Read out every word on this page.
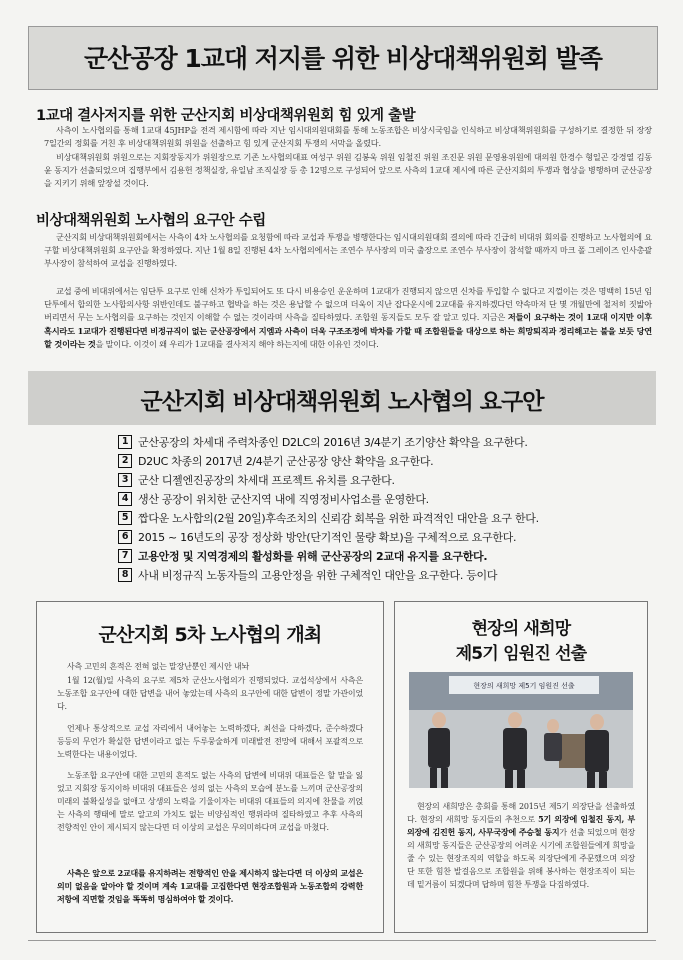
군산공장 1교대 저지를 위한 비상대책위원회 발족
1교대 결사저지를 위한 군산지회 비상대책위원회 힘 있게 출발

사측이 노사협의를 통해 1교대 45JHP을 전격 제시함에 따라 지난 임시대의원대회를 통해 노동조합은 비상시국임을 인식하고 비상대책위원회를 구성하기로 결정한 뒤 장장 7일간의 정회를 거친 후 비상대책위원회 위원을 선출하고 힘 있게 군산지회 투쟁의 서막을 올렸다.

비상대책위원회 위원으로는 지회장동지가 위원장으로 기존 노사협의대표 여성구 위원 김봉욱 위원 임철진 위원 조진문 위원 문영용위원에 대의원 한경수 형일곤 강경열 김동윤 동지가 선출되었으며 집행부에서 김용헌 정책실장, 유일남 조직실장 등 총 12명으로 구성되어 앞으로 사측의 1교대 제시에 따른 군산지회의 투쟁과 협상을 병행하며 군산공장을 지키기 위해 앞장설 것이다.

비상대책위원회 노사협의 요구안 수립

군산지회 비상대책위원회에서는 사측이 4차 노사협의를 요청함에 따라 교섭과 투쟁을 병행한다는 임시대의원대회 결의에 따라 긴급히 비대위 회의를 진행하고 노사협의에 요구할 비상대책위원회 요구안을 확정하였다. 지난 1월 8일 진행된 4차 노사협의에서는 조연수 부사장의 미국 출장으로 조연수 부사장이 참석할 때까지 마크 폴 그레이즈 인사총괄 부사장이 참석하여 교섭을 진행하였다.

교섭 중에 비대위에서는 임단투 요구로 인해 신차가 투입되어도 또 다시 비용승인 운운하며 1교대가 진행되지 않으면 신차를 투입할 수 없다고 지껄이는 것은 명백히 15년 임단투에서 합의한 노사합의사항 위반인데도 불구하고 협박을 하는 것은 용납할 수 없으며 더욱이 지난 잡다운시에 2교대를 유지하겠다던 약속마저 단 몇 개월만에 철저히 짓밟아 버리면서 무는 노사협의를 요구하는 것인지 이해할 수 없는 것이라며 사측을 질타하였다. 조합원 동지들도 모두 잘 알고 있다. 지금은 저들이 요구하는 것이 1교대 이지만 이후 혹시라도 1교대가 진행된다면 비정규직이 없는 군산공장에서 지엠과 사측이 더욱 구조조정에 박차를 가할 때 조합원들을 대상으로 하는 희망퇴직과 정리해고는 불을 보듯 당연 할 것이라는 것을 말이다. 이것이 왜 우리가 1교대를 결사저지 해야 하는지에 대한 이유인 것이다.

군산지회 비상대책위원회 노사협의 요구안
1 군산공장의 차세대 주력차종인 D2LC의 2016년 3/4분기 조기양산 확약을 요구한다.
2 D2UC 차종의 2017년 2/4분기 군산공장 양산 확약을 요구한다.
3 군산 디젤엔진공장의 차세대 프로젝트 유치를 요구한다.
4 생산 공장이 위치한 군산지역 내에 직영정비사업소를 운영한다.
5 짭다운 노사합의(2월 20일)후속조치의 신뢰감 회복을 위한 파격적인 대안을 요구 한다.
6 2015 ~ 16년도의 공장 정상화 방안(단기적인 물량 확보)을 구체적으로 요구한다.
7 고용안정 및 지역경제의 활성화를 위해 군산공장의 2교대 유지를 요구한다.
8 사내 비정규직 노동자들의 고용안정을 위한 구체적인 대안을 요구한다. 등이다
군산지회 5차 노사협의 개최

사측 고민의 흔적은 전혀 없는 말장난뿐인 제시안 내놔

1월 12(월)일 사측의 요구로 제5차 군산노사협의가 진행되었다. 교섭석상에서 사측은 노동조합 요구안에 대한 답변을 내어 놓았는데 사측의 요구안에 대한 답변이 정말 가관이었다.

언제나 통상적으로 교섭 자리에서 내어놓는 노력하겠다, 최선을 다하겠다, 준수하겠다 등등의 무언가 확실한 답변이라고 없는 두루뭉술하게 미래발전 전망에 대해서 포괄적으로 노력한다는 내용이었다.

노동조합 요구안에 대한 고민의 흔적도 없는 사측의 답변에 비대위 대표들은 할 말을 잃었고 지회장 동지이하 비대위 대표들은 성의 없는 사측의 모습에 분노를 느끼며 군산공장의 미래의 불확실성을 없애고 상생의 노력을 기울이자는 비대위 대표들의 의지에 찬물을 끼얹는 사측의 행태에 말로 알고의 가치도 없는 비양심적인 행위라며 질타하였고 추후 사측의 전향적인 안이 제시되지 않는다면 더 이상의 교섭은 무의미하다며 교섭을 마쳤다.

사측은 앞으로 2교대를 유지하려는 전향적인 안을 제시하지 않는다면 더 이상의 교섭은 의미 없음을 알아야 할 것이며 계속 1교대를 고집한다면 현장조합원과 노동조합의 강력한 저항에 직면할 것임을 똑똑히 명심하여야 할 것이다.

현장의 새희망
제5기 임원진 선출
현장의 새희망 제5기 임원진 선출

현장의 새희망은 총회를 통해 2015년 제5기 의장단을 선출하였다. 현장의 새희망 동지들의 추천으로 5기 의장에 임철진 동지, 부의장에 김진헌 동지, 사무국장에 주승철 동지가 선출 되었으며 현장의 새희망 동지들은 군산공장의 어려운 시기에 조합원들에게 희망을 줄 수 있는 현장조직의 역할을 하도록 의장단에게 주문했으며 의장단 또한 힘찬 발걸음으로 조합원을 위해 봉사하는 현장조직이 되는데 밑거름이 되겠다며 답하며 힘찬 투쟁을 다짐하였다.
